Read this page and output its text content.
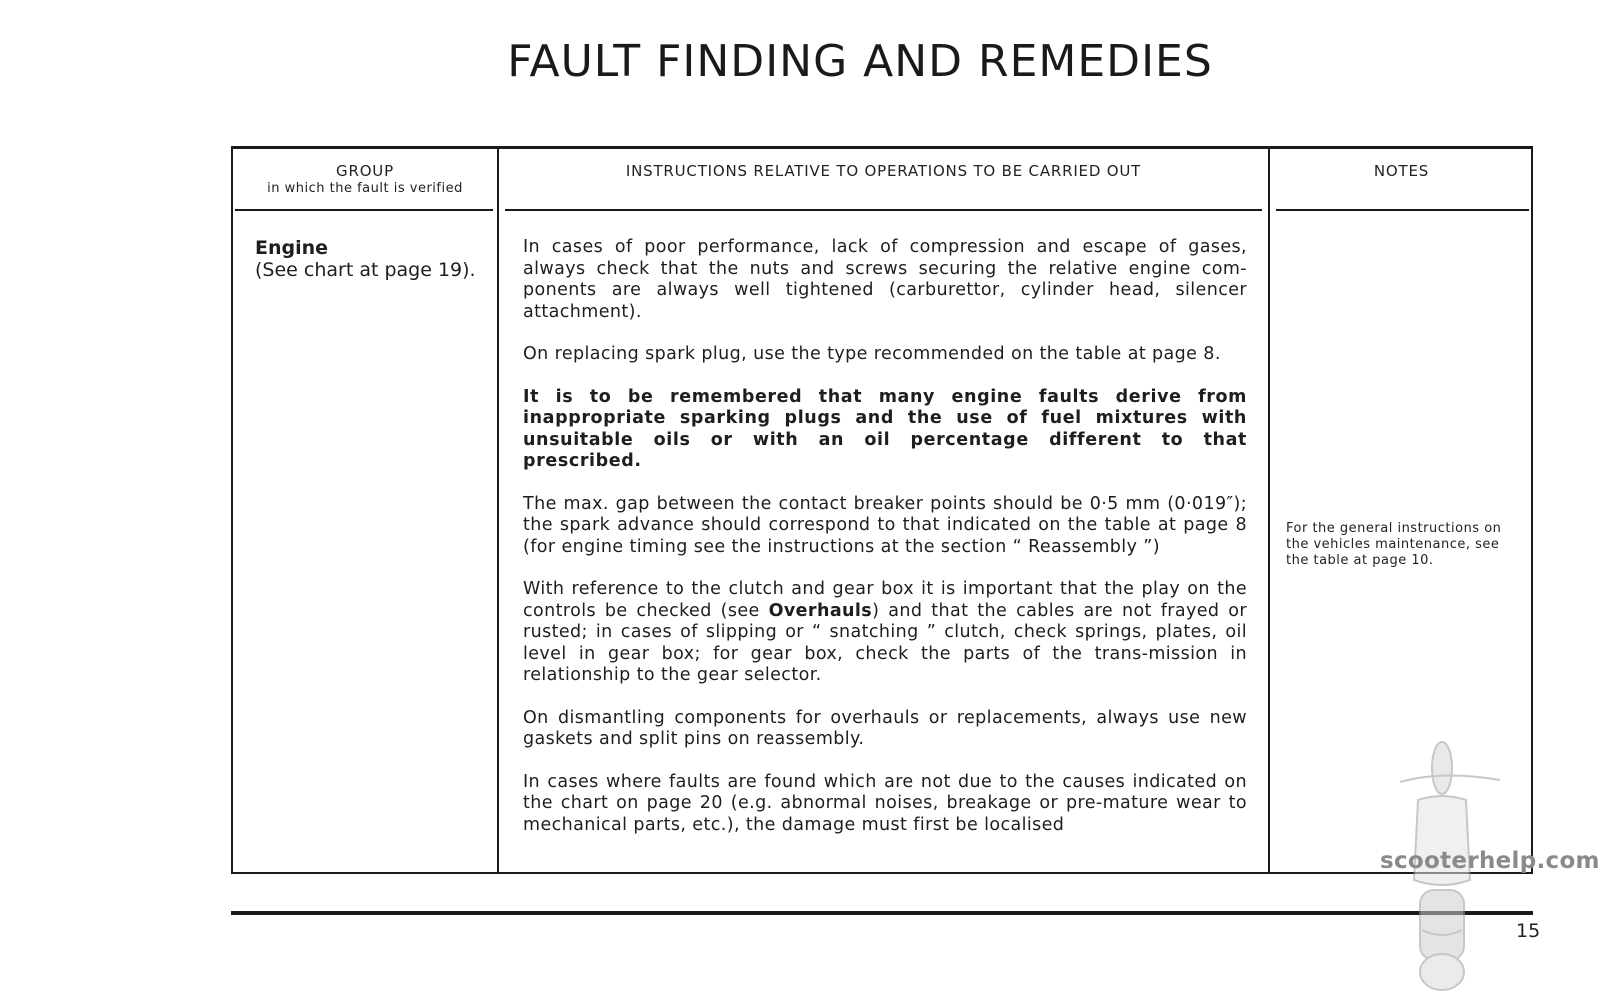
FAULT FINDING AND REMEDIES
GROUP
in which the fault is verified
INSTRUCTIONS RELATIVE TO OPERATIONS TO BE CARRIED OUT	NOTES
Engine
(See chart at page 19).

In cases of poor performance, lack of compression and escape of gases, always check that the nuts and screws securing the relative engine com-ponents are always well tightened (carburettor, cylinder head, silencer attachment).

On replacing spark plug, use the type recommended on the table at page 8.

It is to be remembered that many engine faults derive from inappropriate sparking plugs and the use of fuel mixtures with unsuitable oils or with an oil percentage different to that prescribed.

The max. gap between the contact breaker points should be 0·5 mm (0·019″); the spark advance should correspond to that indicated on the table at page 8 (for engine timing see the instructions at the section “ Reassembly ”)

With reference to the clutch and gear box it is important that the play on the controls be checked (see Overhauls) and that the cables are not frayed or rusted; in cases of slipping or “ snatching ” clutch, check springs, plates, oil level in gear box; for gear box, check the parts of the trans-mission in relationship to the gear selector.

On dismantling components for overhauls or replacements, always use new gaskets and split pins on reassembly.

In cases where faults are found which are not due to the causes indicated on the chart on page 20 (e.g. abnormal noises, breakage or pre-mature wear to mechanical parts, etc.), the damage must first be localised

For the general instructions on the vehicles maintenance, see the table at page 10.
15
scooterhelp.com
